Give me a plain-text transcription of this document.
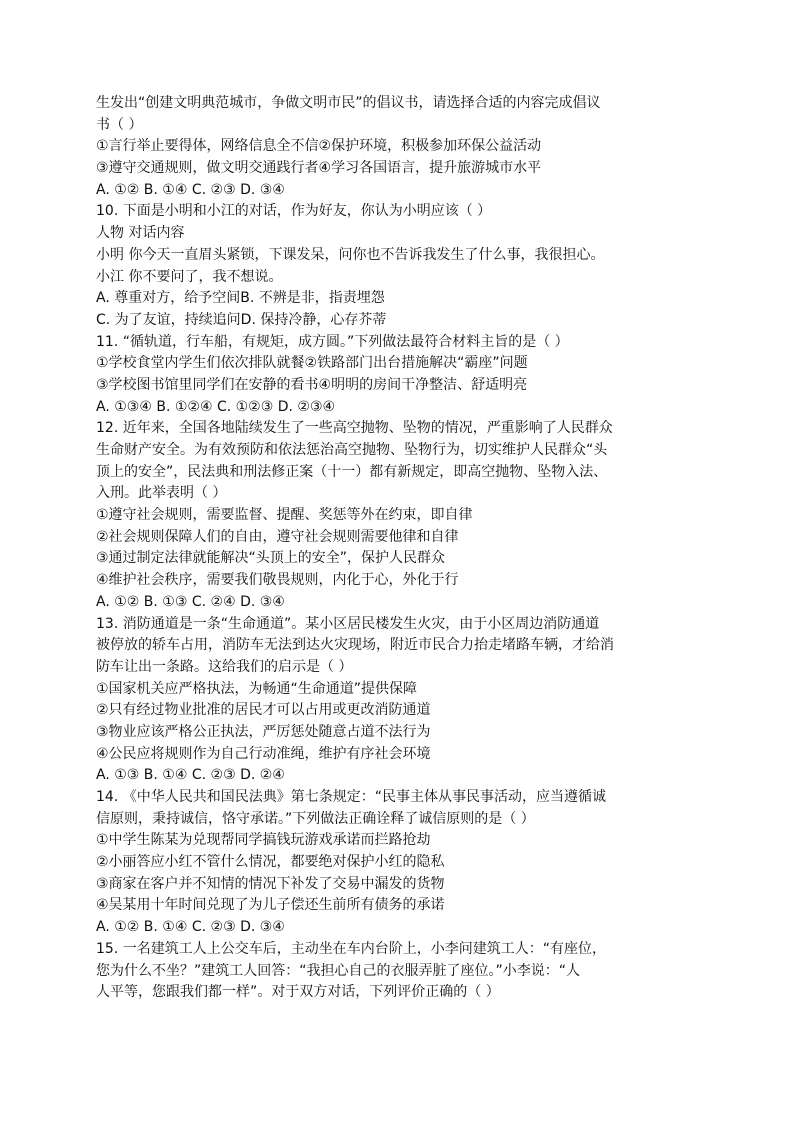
生发出“创建文明典范城市，争做文明市民”的倡议书，请选择合适的内容完成倡议
书（ ）
①言行举止要得体，网络信息全不信②保护环境，积极参加环保公益活动
③遵守交通规则，做文明交通践行者④学习各国语言，提升旅游城市水平
A. ①② B. ①④ C. ②③ D. ③④
10. 下面是小明和小江的对话，作为好友，你认为小明应该（ ）
人物 对话内容
小明 你今天一直眉头紧锁，下课发呆，问你也不告诉我发生了什么事，我很担心。
小江 你不要问了，我不想说。
A. 尊重对方，给予空间B. 不辨是非，指责埋怨
C. 为了友谊，持续追问D. 保持冷静，心存芥蒂
11. “循轨道，行车船，有规矩，成方圆。”下列做法最符合材料主旨的是（ ）
①学校食堂内学生们依次排队就餐②铁路部门出台措施解决“霸座”问题
③学校图书馆里同学们在安静的看书④明明的房间干净整洁、舒适明亮
A. ①③④ B. ①②④ C. ①②③ D. ②③④
12. 近年来，全国各地陆续发生了一些高空抛物、坠物的情况，严重影响了人民群众
生命财产安全。为有效预防和依法惩治高空抛物、坠物行为，切实维护人民群众“头
顶上的安全”，民法典和刑法修正案（十一）都有新规定，即高空抛物、坠物入法、
入刑。此举表明（ ）
①遵守社会规则，需要监督、提醒、奖惩等外在约束，即自律
②社会规则保障人们的自由，遵守社会规则需要他律和自律
③通过制定法律就能解决“头顶上的安全”，保护人民群众
④维护社会秩序，需要我们敬畏规则，内化于心，外化于行
A. ①② B. ①③ C. ②④ D. ③④
13. 消防通道是一条“生命通道”。某小区居民楼发生火灾，由于小区周边消防通道
被停放的轿车占用，消防车无法到达火灾现场，附近市民合力抬走堵路车辆，才给消
防车让出一条路。这给我们的启示是（ ）
①国家机关应严格执法，为畅通“生命通道”提供保障
②只有经过物业批准的居民才可以占用或更改消防通道
③物业应该严格公正执法，严厉惩处随意占道不法行为
④公民应将规则作为自己行动准绳，维护有序社会环境
A. ①③ B. ①④ C. ②③ D. ②④
14. 《中华人民共和国民法典》第七条规定：“民事主体从事民事活动，应当遵循诚
信原则，秉持诚信，恪守承诺。”下列做法正确诠释了诚信原则的是（ ）
①中学生陈某为兑现帮同学搞钱玩游戏承诺而拦路抢劫
②小丽答应小红不管什么情况，都要绝对保护小红的隐私
③商家在客户并不知情的情况下补发了交易中漏发的货物
④吴某用十年时间兑现了为儿子偿还生前所有债务的承诺
A. ①② B. ①④ C. ②③ D. ③④
15. 一名建筑工人上公交车后，主动坐在车内台阶上，小李问建筑工人：“有座位，
您为什么不坐？”建筑工人回答：“我担心自己的衣服弄脏了座位。”小李说：“人
人平等，您跟我们都一样”。对于双方对话，下列评价正确的（ ）
